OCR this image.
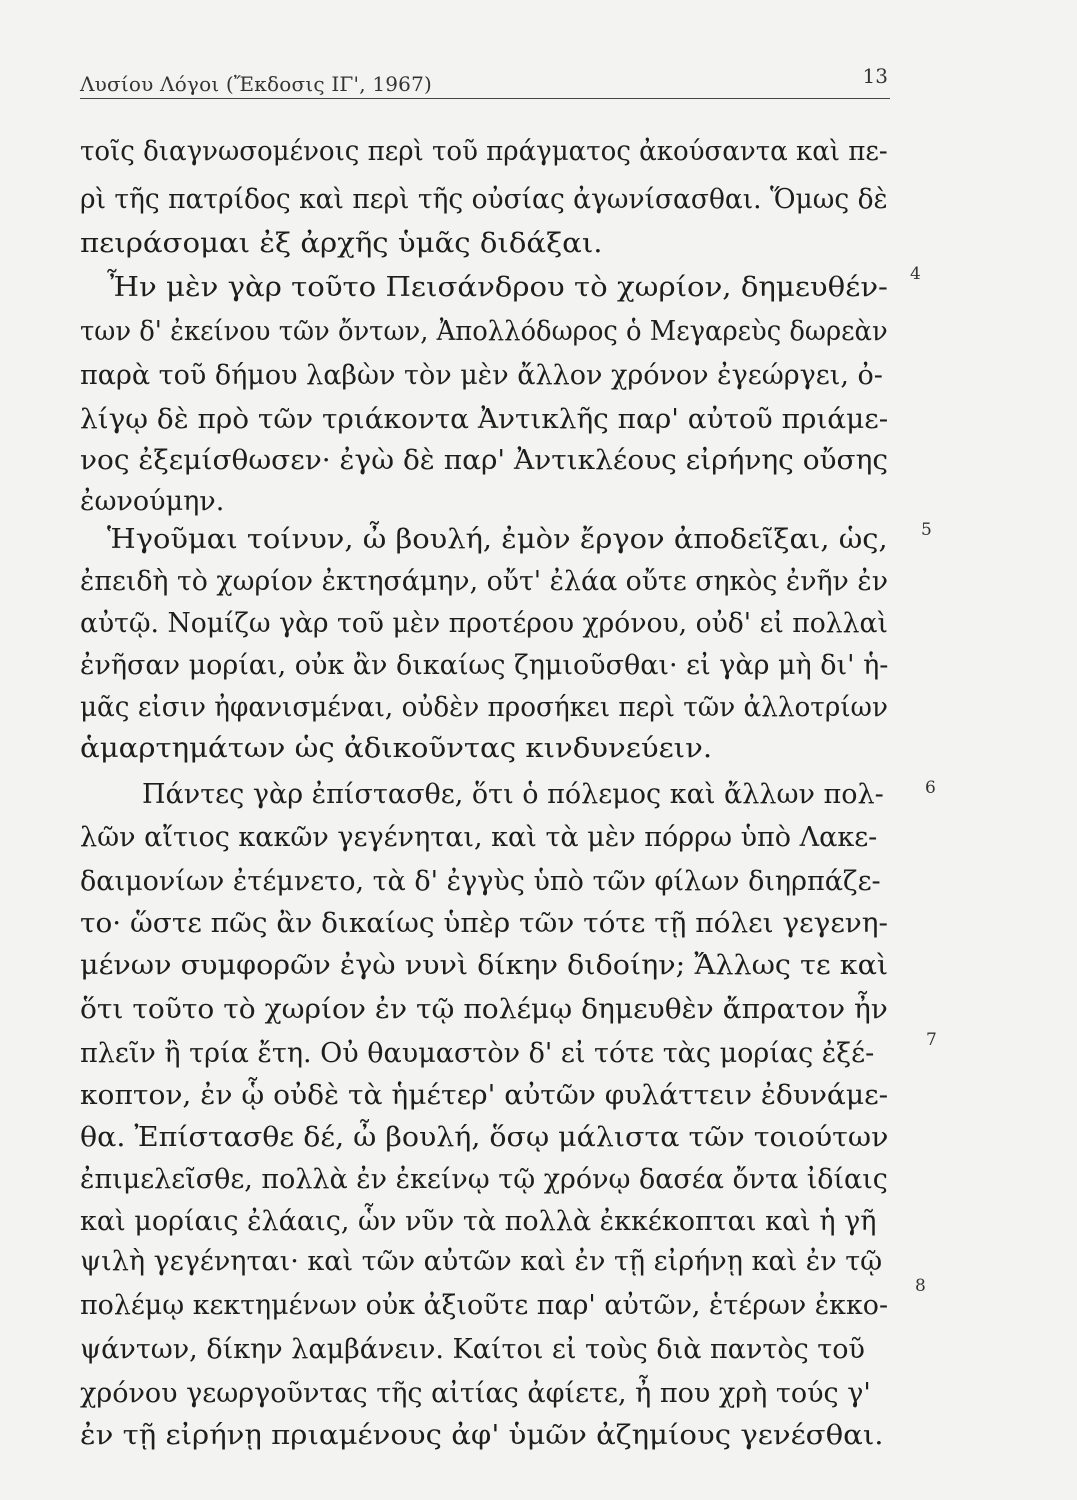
Λυσίου Λόγοι (Ἔκδοσις ΙΓ', 1967)	13
τοῖς διαγνωσομένοις περὶ τοῦ πράγματος ἀκούσαντα καὶ πε-
ρὶ τῆς πατρίδος καὶ περὶ τῆς οὐσίας ἀγωνίσασθαι. Ὅμως δὲ
πειράσομαι ἐξ ἀρχῆς ὑμᾶς διδάξαι.
Ἦν μὲν γὰρ τοῦτο Πεισάνδρου τὸ χωρίον, δημευθέν-
των δ' ἐκείνου τῶν ὄντων, Ἀπολλόδωρος ὁ Μεγαρεὺς δωρεὰν
παρὰ τοῦ δήμου λαβὼν τὸν μὲν ἄλλον χρόνον ἐγεώργει, ὀ-
λίγῳ δὲ πρὸ τῶν τριάκοντα Ἀντικλῆς παρ' αὐτοῦ πριάμε-
νος ἐξεμίσθωσεν· ἐγὼ δὲ παρ' Ἀντικλέους εἰρήνης οὔσης
ἐωνούμην.
Ἡγοῦμαι τοίνυν, ὦ βουλή, ἐμὸν ἔργον ἀποδεῖξαι, ὡς,
ἐπειδὴ τὸ χωρίον ἐκτησάμην, οὔτ' ἐλάα οὔτε σηκὸς ἐνῆν ἐν
αὐτῷ. Νομίζω γὰρ τοῦ μὲν προτέρου χρόνου, οὐδ' εἰ πολλαὶ
ἐνῆσαν μορίαι, οὐκ ἂν δικαίως ζημιοῦσθαι· εἰ γὰρ μὴ δι' ἡ-
μᾶς εἰσιν ἠφανισμέναι, οὐδὲν προσήκει περὶ τῶν ἀλλοτρίων
ἁμαρτημάτων ὡς ἀδικοῦντας κινδυνεύειν.
Πάντες γὰρ ἐπίστασθε, ὅτι ὁ πόλεμος καὶ ἄλλων πολ-
λῶν αἴτιος κακῶν γεγένηται, καὶ τὰ μὲν πόρρω ὑπὸ Λακε-
δαιμονίων ἐτέμνετο, τὰ δ' ἐγγὺς ὑπὸ τῶν φίλων διηρπάζε-
το· ὥστε πῶς ἂν δικαίως ὑπὲρ τῶν τότε τῇ πόλει γεγενη-
μένων συμφορῶν ἐγὼ νυνὶ δίκην διδοίην; Ἄλλως τε καὶ
ὅτι τοῦτο τὸ χωρίον ἐν τῷ πολέμῳ δημευθὲν ἄπρατον ἦν
πλεῖν ἢ τρία ἔτη. Οὐ θαυμαστὸν δ' εἰ τότε τὰς μορίας ἐξέ-
κοπτον, ἐν ᾧ οὐδὲ τὰ ἡμέτερ' αὐτῶν φυλάττειν ἐδυνάμε-
θα. Ἐπίστασθε δέ, ὦ βουλή, ὅσῳ μάλιστα τῶν τοιούτων
ἐπιμελεῖσθε, πολλὰ ἐν ἐκείνῳ τῷ χρόνῳ δασέα ὄντα ἰδίαις
καὶ μορίαις ἐλάαις, ὧν νῦν τὰ πολλὰ ἐκκέκοπται καὶ ἡ γῆ
ψιλὴ γεγένηται· καὶ τῶν αὐτῶν καὶ ἐν τῇ εἰρήνῃ καὶ ἐν τῷ
πολέμῳ κεκτημένων οὐκ ἀξιοῦτε παρ' αὐτῶν, ἑτέρων ἐκκο-
ψάντων, δίκην λαμβάνειν. Καίτοι εἰ τοὺς διὰ παντὸς τοῦ
χρόνου γεωργοῦντας τῆς αἰτίας ἀφίετε, ἦ που χρὴ τούς γ'
ἐν τῇ εἰρήνῃ πριαμένους ἀφ' ὑμῶν ἀζημίους γενέσθαι.
4
5
6
7
8
